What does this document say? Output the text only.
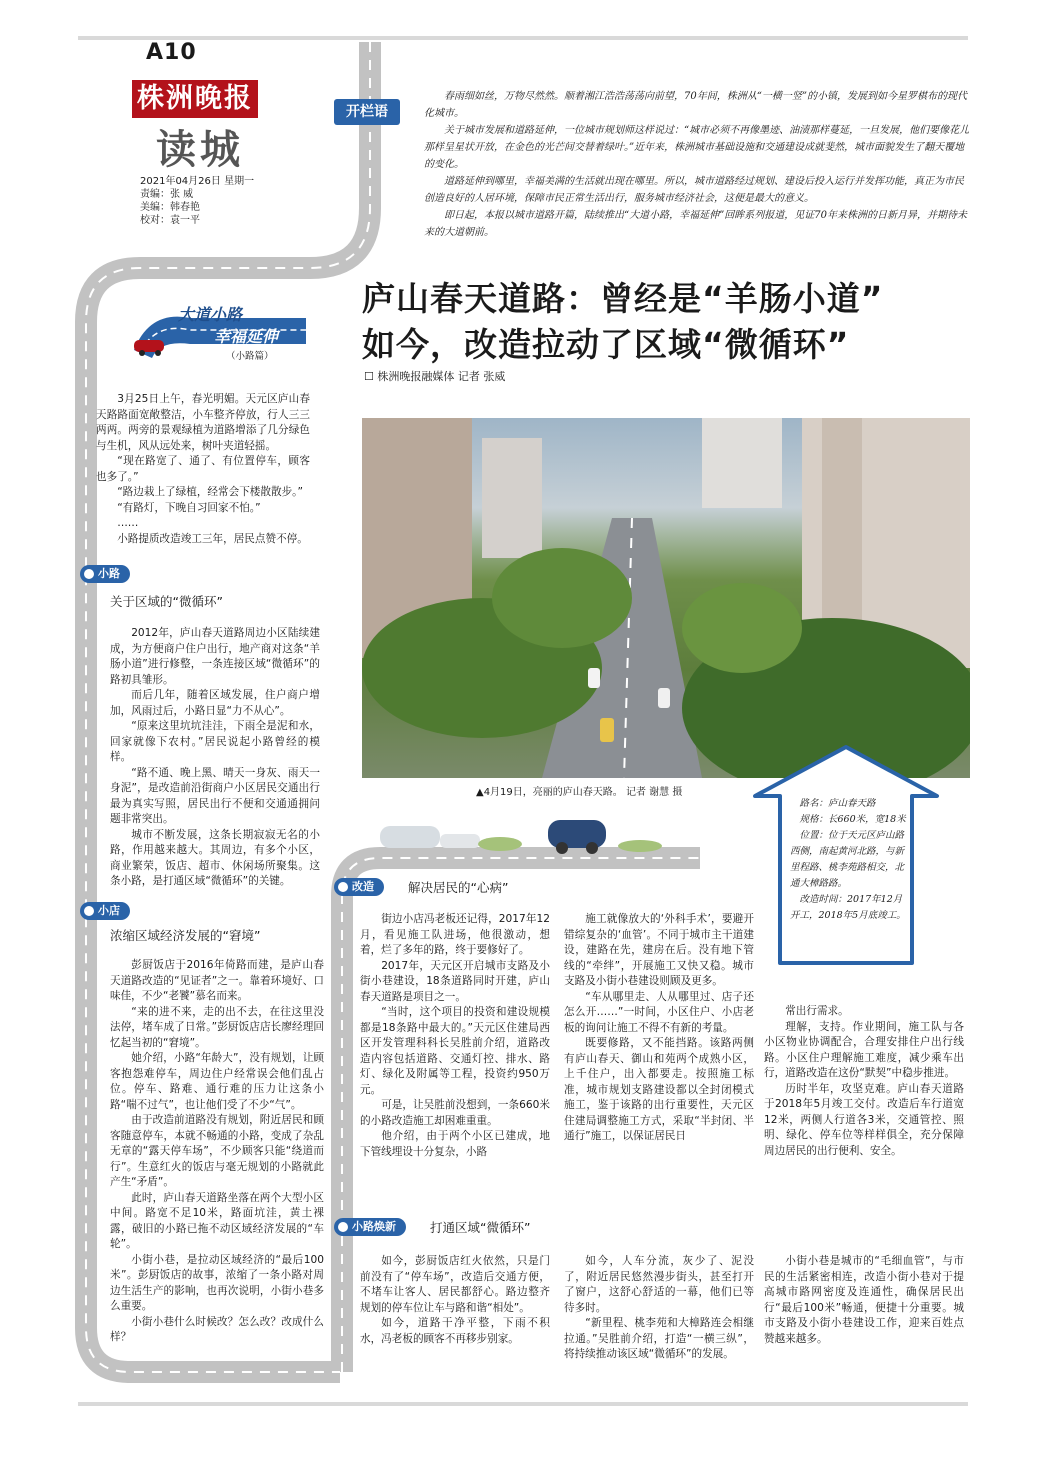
A10
株洲晚报
读城
2021年04月26日 星期一
责编：张 威
美编：韩春艳
校对：袁一平
开栏语

春雨细如丝，万物尽然然。顺着湘江浩浩荡荡向前望，70年间，株洲从“一横一竖”的小镇，发展到如今星罗棋布的现代化城市。

关于城市发展和道路延伸，一位城市规划师这样说过：“城市必须不再像墨迹、油渍那样蔓延，一旦发展，他们要像花儿那样呈星状开放，在金色的光芒间交替着绿叶。”近年来，株洲城市基础设施和交通建设成就斐然，城市面貌发生了翻天覆地的变化。

道路延伸到哪里，幸福美满的生活就出现在哪里。所以，城市道路经过规划、建设后投入运行并发挥功能，真正为市民创造良好的人居环境，保障市民正常生活出行，服务城市经济社会，这便是最大的意义。

即日起，本报以城市道路开篇，陆续推出“大道小路，幸福延伸”回眸系列报道，见证70年来株洲的日新月异，并期待未来的大道朝前。

大道小路
幸福延伸
（小路篇）
庐山春天道路：曾经是“羊肠小道”
如今，改造拉动了区域“微循环”
☐ 株洲晚报融媒体 记者 张威
▲4月19日，亮丽的庐山春天路。 记者 谢慧 摄

3月25日上午，春光明媚。天元区庐山春天路路面宽敞整洁，小车整齐停放，行人三三两两。两旁的景观绿植为道路增添了几分绿色与生机，风从远处来，树叶夹道轻摇。

“现在路宽了、通了、有位置停车，顾客也多了。”

“路边栽上了绿植，经常会下楼散散步。”

“有路灯，下晚自习回家不怕。”

……

小路提质改造竣工三年，居民点赞不停。

小路
关于区域的“微循环”

2012年，庐山春天道路周边小区陆续建成，为方便商户住户出行，地产商对这条“羊肠小道”进行修整，一条连接区域“微循环”的路初具雏形。

而后几年，随着区域发展，住户商户增加，风雨过后，小路日显“力不从心”。

“原来这里坑坑洼洼，下雨全是泥和水，回家就像下农村。”居民说起小路曾经的模样。

“路不通、晚上黑、晴天一身灰、雨天一身泥”，是改造前沿街商户小区居民交通出行最为真实写照，居民出行不便和交通通拥问题非常突出。

城市不断发展，这条长期寂寂无名的小路，作用越来越大。其周边，有多个小区，商业繁荣，饭店、超市、休闲场所聚集。这条小路，是打通区域“微循环”的关键。

小店
浓缩区域经济发展的“窘境”

彭厨饭店于2016年倚路而建，是庐山春天道路改造的“见证者”之一。靠着环境好、口味佳，不少“老饕”慕名而来。

“来的进不来，走的出不去，在往这里没法停，堵车成了日常。”彭厨饭店店长廖经理回忆起当初的“窘境”。

她介绍，小路“年龄大”，没有规划，让顾客抱怨难停车，周边住户经常误会他们乱占位。停车、路难、通行难的压力让这条小路“喘不过气”，也让他们受了不少“气”。

由于改造前道路没有规划，附近居民和顾客随意停车，本就不畅通的小路，变成了杂乱无章的“露天停车场”，不少顾客只能“绕道而行”。生意红火的饭店与毫无规划的小路就此产生“矛盾”。

此时，庐山春天道路坐落在两个大型小区中间。路宽不足10米，路面坑洼，黄土裸露，破旧的小路已拖不动区域经济发展的“车轮”。

小街小巷，是拉动区域经济的“最后100米”。彭厨饭店的故事，浓缩了一条小路对周边生活生产的影响，也再次说明，小街小巷多么重要。

小街小巷什么时候改？怎么改？改成什么样？

改造	解决居民的“心病”

街边小店冯老板还记得，2017年12月，看见施工队进场，他很激动，想着，烂了多年的路，终于要修好了。

2017年，天元区开启城市支路及小街小巷建设，18条道路同时开建，庐山春天道路是项目之一。

“当时，这个项目的投资和建设规模都是18条路中最大的。”天元区住建局西区开发管理科科长吴胜前介绍，道路改造内容包括道路、交通灯控、排水、路灯、绿化及附属等工程，投资约950万元。

可是，让吴胜前没想到，一条660米的小路改造施工却困难重重。

他介绍，由于两个小区已建成，地下管线埋设十分复杂，小路

施工就像放大的‘外科手术’，要避开错综复杂的‘血管’。不同于城市主干道建设，建路在先，建房在后。没有地下管线的“牵绊”，开展施工又快又稳。城市支路及小街小巷建设则顾及更多。

“车从哪里走、人从哪里过、店子还怎么开……”一时间，小区住户、小店老板的询问让施工不得不有新的考量。

既要修路，又不能挡路。该路两侧有庐山春天、御山和苑两个成熟小区，上千住户，出入都要走。按照施工标准，城市规划支路建设都以全封闭模式施工，鉴于该路的出行重要性，天元区住建局调整施工方式，采取“半封闭、半通行”施工，以保证居民日

常出行需求。

理解，支持。作业期间，施工队与各小区物业协调配合，合理安排住户出行线路。小区住户理解施工难度，减少乘车出行，道路改造在这份“默契”中稳步推进。

历时半年，攻坚克难。庐山春天道路于2018年5月竣工交付。改造后车行道宽12米，两侧人行道各3米，交通管控、照明、绿化、停车位等样样俱全，充分保障周边居民的出行便利、安全。

路名：庐山春天路

规格：长660米，宽18米

位置：位于天元区庐山路西侧，南起黄河北路，与新里程路、桃李苑路相交，北通大樟路路。

改造时间：2017年12月开工，2018年5月底竣工。

小路焕新	打通区域“微循环”

如今，彭厨饭店红火依然，只是门前没有了“停车场”，改造后交通方便，不堵车让客人、居民都舒心。路边整齐规划的停车位让车与路和谐“相处”。

如今，道路干净平整，下雨不积水，冯老板的顾客不再移步别家。

如今，人车分流，灰少了、泥没了，附近居民悠然漫步街头，甚至打开了窗户，这舒心舒适的一幕，他们已等待多时。

“新里程、桃李苑和大樟路连会相继拉通。”吴胜前介绍，打造“一横三纵”，将持续推动该区域“微循环”的发展。

小街小巷是城市的“毛细血管”，与市民的生活紧密相连，改造小街小巷对于提高城市路网密度及连通性，确保居民出行“最后100米”畅通，便捷十分重要。城市支路及小街小巷建设工作，迎来百姓点赞越来越多。
